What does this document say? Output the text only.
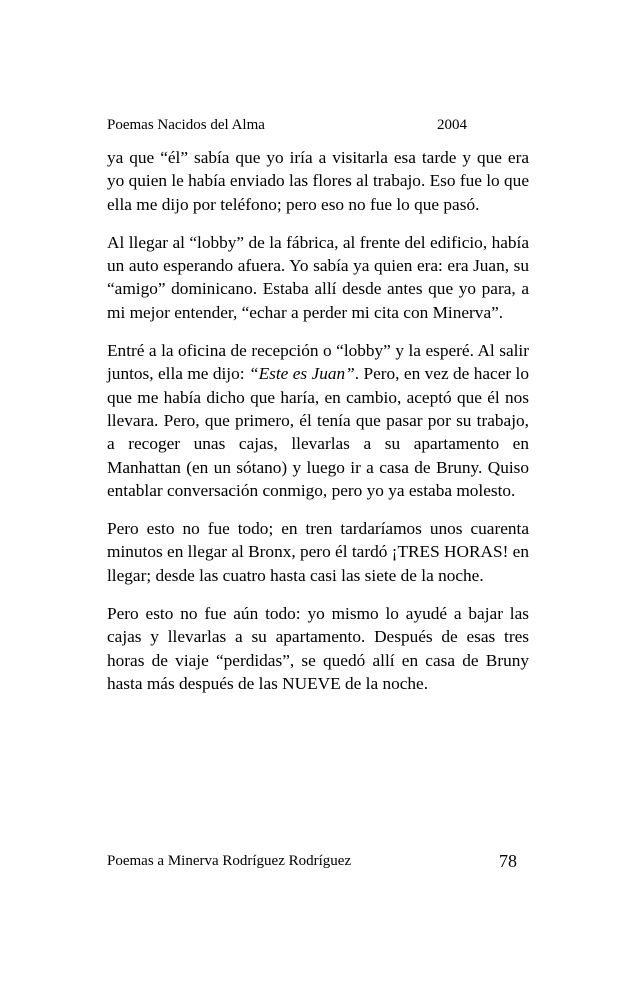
Poemas Nacidos del Alma	2004

ya que “él” sabía que yo iría a visitarla esa tarde y que era yo quien le había enviado las flores al trabajo. Eso fue lo que ella me dijo por teléfono; pero eso no fue lo que pasó.

Al llegar al “lobby” de la fábrica, al frente del edificio, había un auto esperando afuera. Yo sabía ya quien era: era Juan, su “amigo” dominicano. Estaba allí desde antes que yo para, a mi mejor entender, “echar a perder mi cita con Minerva”.

Entré a la oficina de recepción o “lobby” y la esperé. Al salir juntos, ella me dijo: “Este es Juan”. Pero, en vez de hacer lo que me había dicho que haría, en cambio, aceptó que él nos llevara. Pero, que primero, él tenía que pasar por su trabajo, a recoger unas cajas, llevarlas a su apartamento en Manhattan (en un sótano) y luego ir a casa de Bruny. Quiso entablar conversación conmigo, pero yo ya estaba molesto.

Pero esto no fue todo; en tren tardaríamos unos cuarenta minutos en llegar al Bronx, pero él tardó ¡TRES HORAS! en llegar; desde las cuatro hasta casi las siete de la noche.

Pero esto no fue aún todo: yo mismo lo ayudé a bajar las cajas y llevarlas a su apartamento. Después de esas tres horas de viaje “perdidas”, se quedó allí en casa de Bruny hasta más después de las NUEVE de la noche.

Poemas a Minerva Rodríguez Rodríguez	78
